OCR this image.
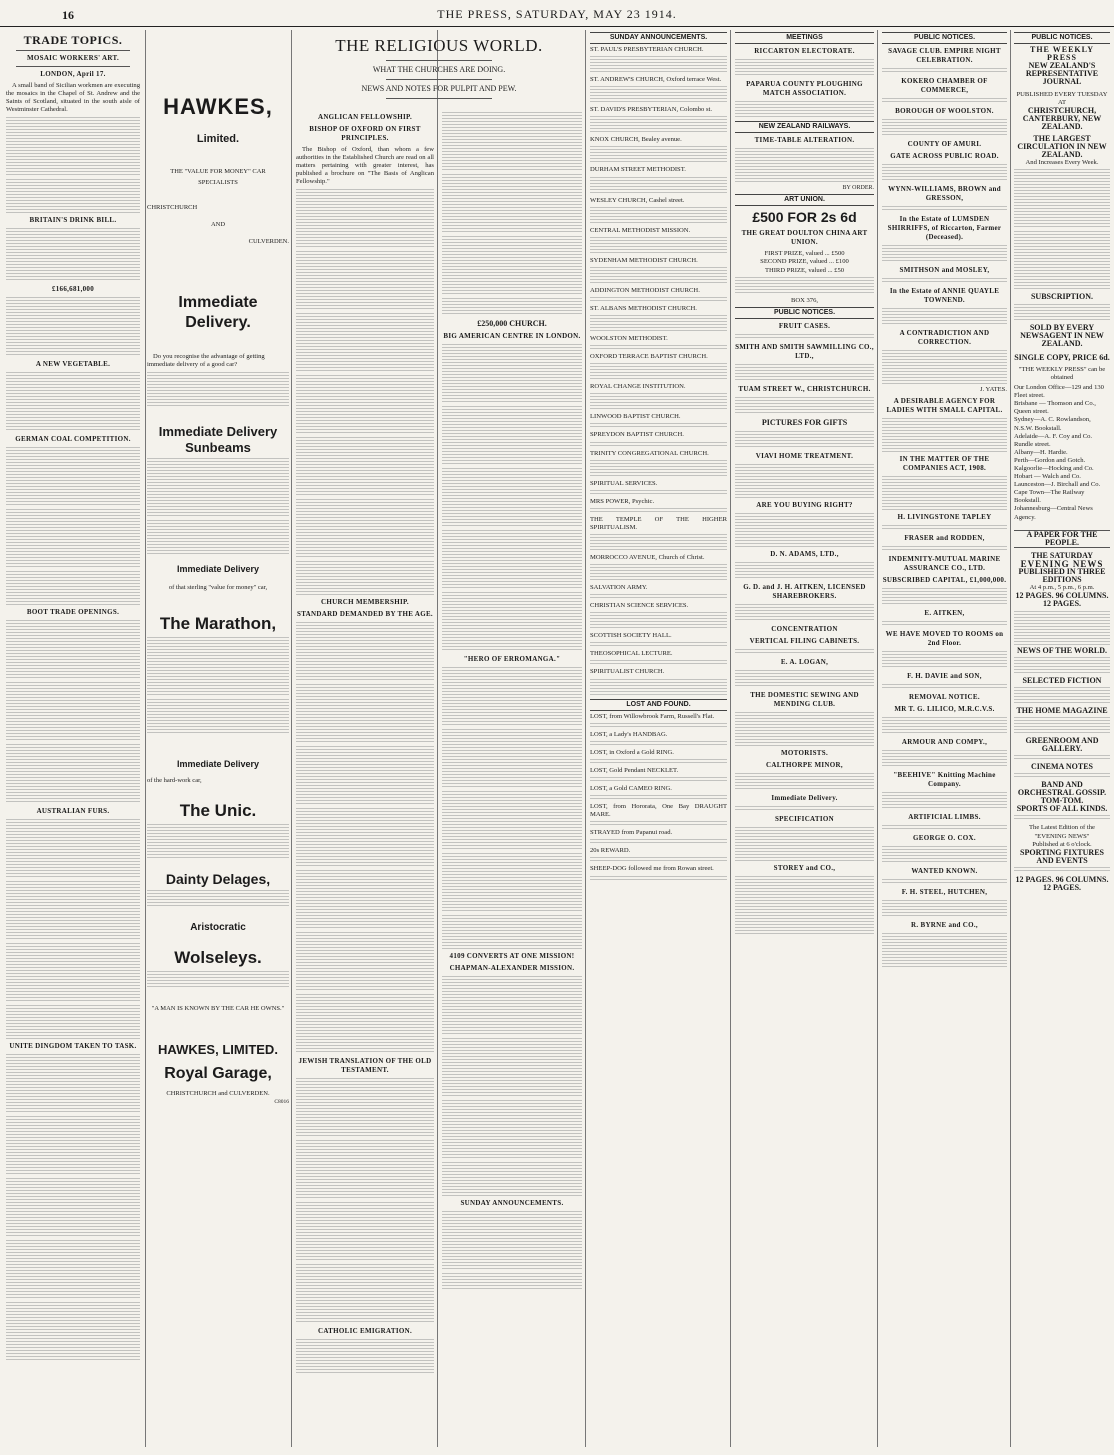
16	THE PRESS, SATURDAY, MAY 23 1914.
TRADE TOPICS.
MOSAIC WORKERS' ART.
LONDON, April 17.

A small band of Sicilian workmen are executing the mosaics in the Chapel of St. Andrew and the Saints of Scotland, situated in the south aisle of Westminster Cathedral.

BRITAIN'S DRINK BILL.
£166,681,000
A NEW VEGETABLE.
GERMAN COAL COMPETITION.
BOOT TRADE OPENINGS.
AUSTRALIAN FURS.
UNITE DINGDOM TAKEN TO TASK.
HAWKES,
Limited.
THE "VALUE FOR MONEY" CAR
SPECIALISTS
CHRISTCHURCH
AND
CULVERDEN.
Immediate Delivery.

Do you recognise the advantage of getting immediate delivery of a good car?

Immediate Delivery Sunbeams
Immediate Delivery
of that sterling "value for money" car,
The Marathon,
Immediate Delivery
of the hard-work car,
The Unic.
Dainty Delages,
Aristocratic
Wolseleys.
"A MAN IS KNOWN BY THE CAR HE OWNS."
HAWKES, LIMITED.
Royal Garage,
CHRISTCHURCH and CULVERDEN.
C8016
THE RELIGIOUS WORLD.
WHAT THE CHURCHES ARE DOING.
NEWS AND NOTES FOR PULPIT AND PEW.
ANGLICAN FELLOWSHIP.
BISHOP OF OXFORD ON FIRST PRINCIPLES.

The Bishop of Oxford, than whom a few authorities in the Established Church are read on all matters pertaining with greater interest, has published a brochure on "The Basis of Anglican Fellowship."

CHURCH MEMBERSHIP.
STANDARD DEMANDED BY THE AGE.
JEWISH TRANSLATION OF THE OLD TESTAMENT.
CATHOLIC EMIGRATION.
£250,000 CHURCH.
BIG AMERICAN CENTRE IN LONDON.
"HERO OF ERROMANGA."
4109 CONVERTS AT ONE MISSION!
CHAPMAN-ALEXANDER MISSION.
SUNDAY ANNOUNCEMENTS.
SUNDAY ANNOUNCEMENTS.
ST. PAUL'S PRESBYTERIAN CHURCH.
ST. ANDREW'S CHURCH, Oxford terrace West.
ST. DAVID'S PRESBYTERIAN, Colombo st.
KNOX CHURCH, Bealey avenue.
DURHAM STREET METHODIST.
WESLEY CHURCH, Cashel street.
CENTRAL METHODIST MISSION.
SYDENHAM METHODIST CHURCH.
ADDINGTON METHODIST CHURCH.
ST. ALBANS METHODIST CHURCH.
WOOLSTON METHODIST.
OXFORD TERRACE BAPTIST CHURCH.
ROYAL CHANGE INSTITUTION.
LINWOOD BAPTIST CHURCH.
SPREYDON BAPTIST CHURCH.
TRINITY CONGREGATIONAL CHURCH.
SPIRITUAL SERVICES.
MRS POWER, Psychic.
THE TEMPLE OF THE HIGHER SPIRITUALISM.
MORROCCO AVENUE, Church of Christ.
SALVATION ARMY.
CHRISTIAN SCIENCE SERVICES.
SCOTTISH SOCIETY HALL.
THEOSOPHICAL LECTURE.
SPIRITUALIST CHURCH.
LOST AND FOUND.
LOST, from Willowbrook Farm, Russell's Flat.
LOST, a Lady's HANDBAG.
LOST, in Oxford a Gold RING.
LOST, Gold Pendant NECKLET.
LOST, a Gold CAMEO RING.
LOST, from Hororata, One Bay DRAUGHT MARE.
STRAYED from Papanui road.
20s REWARD.
SHEEP-DOG followed me from Rowan street.
MEETINGS
RICCARTON ELECTORATE.
PAPARUA COUNTY PLOUGHING MATCH ASSOCIATION.
NEW ZEALAND RAILWAYS.
TIME-TABLE ALTERATION.
BY ORDER.
ART UNION.
£500 FOR 2s 6d
THE GREAT DOULTON CHINA ART UNION.
FIRST PRIZE, valued ... £500
SECOND PRIZE, valued ... £100
THIRD PRIZE, valued ... £50
BOX 376,
PUBLIC NOTICES.
FRUIT CASES.
SMITH AND SMITH SAWMILLING CO., LTD.,
TUAM STREET W., CHRISTCHURCH.
PICTURES FOR GIFTS
VIAVI HOME TREATMENT.
ARE YOU BUYING RIGHT?
D. N. ADAMS, LTD.,
G. D. and J. H. AITKEN, LICENSED SHAREBROKERS.
CONCENTRATION
VERTICAL FILING CABINETS.
E. A. LOGAN,
THE DOMESTIC SEWING AND MENDING CLUB.
MOTORISTS.
CALTHORPE MINOR,
Immediate Delivery.
SPECIFICATION
STOREY and CO.,
PUBLIC NOTICES.
SAVAGE CLUB. EMPIRE NIGHT CELEBRATION.
KOKERO CHAMBER OF COMMERCE,
BOROUGH OF WOOLSTON.
COUNTY OF AMURI.
GATE ACROSS PUBLIC ROAD.
WYNN-WILLIAMS, BROWN and GRESSON,
In the Estate of LUMSDEN SHIRRIFFS, of Riccarton, Farmer (Deceased).
SMITHSON and MOSLEY,
In the Estate of ANNIE QUAYLE TOWNEND.
A CONTRADICTION AND CORRECTION.
J. YATES.
A DESIRABLE AGENCY FOR LADIES WITH SMALL CAPITAL.
IN THE MATTER OF THE COMPANIES ACT, 1908.
H. LIVINGSTONE TAPLEY
FRASER and RODDEN,
INDEMNITY-MUTUAL MARINE ASSURANCE CO., LTD.
SUBSCRIBED CAPITAL, £1,000,000.
E. AITKEN,
WE HAVE MOVED TO ROOMS on 2nd Floor.
F. H. DAVIE and SON,
REMOVAL NOTICE.
MR T. G. LILICO, M.R.C.V.S.
ARMOUR AND COMPY.,
"BEEHIVE" Knitting Machine Company.
ARTIFICIAL LIMBS.
GEORGE O. COX.
WANTED KNOWN.
F. H. STEEL, HUTCHEN,
R. BYRNE and CO.,
PUBLIC NOTICES.
THE WEEKLY PRESS
NEW ZEALAND'S REPRESENTATIVE JOURNAL
PUBLISHED EVERY TUESDAY AT
CHRISTCHURCH, CANTERBURY, NEW ZEALAND.
THE LARGEST CIRCULATION IN NEW ZEALAND.
And Increases Every Week.
SUBSCRIPTION.
SOLD BY EVERY NEWSAGENT IN NEW ZEALAND.
SINGLE COPY, PRICE 6d.
"THE WEEKLY PRESS" can be obtained
Our London Office—129 and 130 Fleet street.
Brisbane — Thomson and Co., Queen street.
Sydney—A. C. Rowlandson, N.S.W. Bookstall.
Adelaide—A. F. Coy and Co. Rundle street.
Albany—H. Hardie.
Perth—Gordon and Gotch.
Kalgoorlie—Hocking and Co.
Hobart — Walch and Co.
Launceston—J. Birchall and Co.
Cape Town—The Railway Bookstall.
Johannesburg—Central News Agency.
A PAPER FOR THE PEOPLE.
THE SATURDAY
EVENING NEWS
PUBLISHED IN THREE EDITIONS
At 4 p.m., 5 p.m., 6 p.m.
12 PAGES. 96 COLUMNS. 12 PAGES.
NEWS OF THE WORLD.
SELECTED FICTION
THE HOME MAGAZINE
GREENROOM AND GALLERY.
CINEMA NOTES
BAND AND ORCHESTRAL GOSSIP.
TOM-TOM.
SPORTS OF ALL KINDS.
The Latest Edition of the "EVENING NEWS"
Published at 6 o'clock.
SPORTING FIXTURES AND EVENTS
12 PAGES. 96 COLUMNS. 12 PAGES.
